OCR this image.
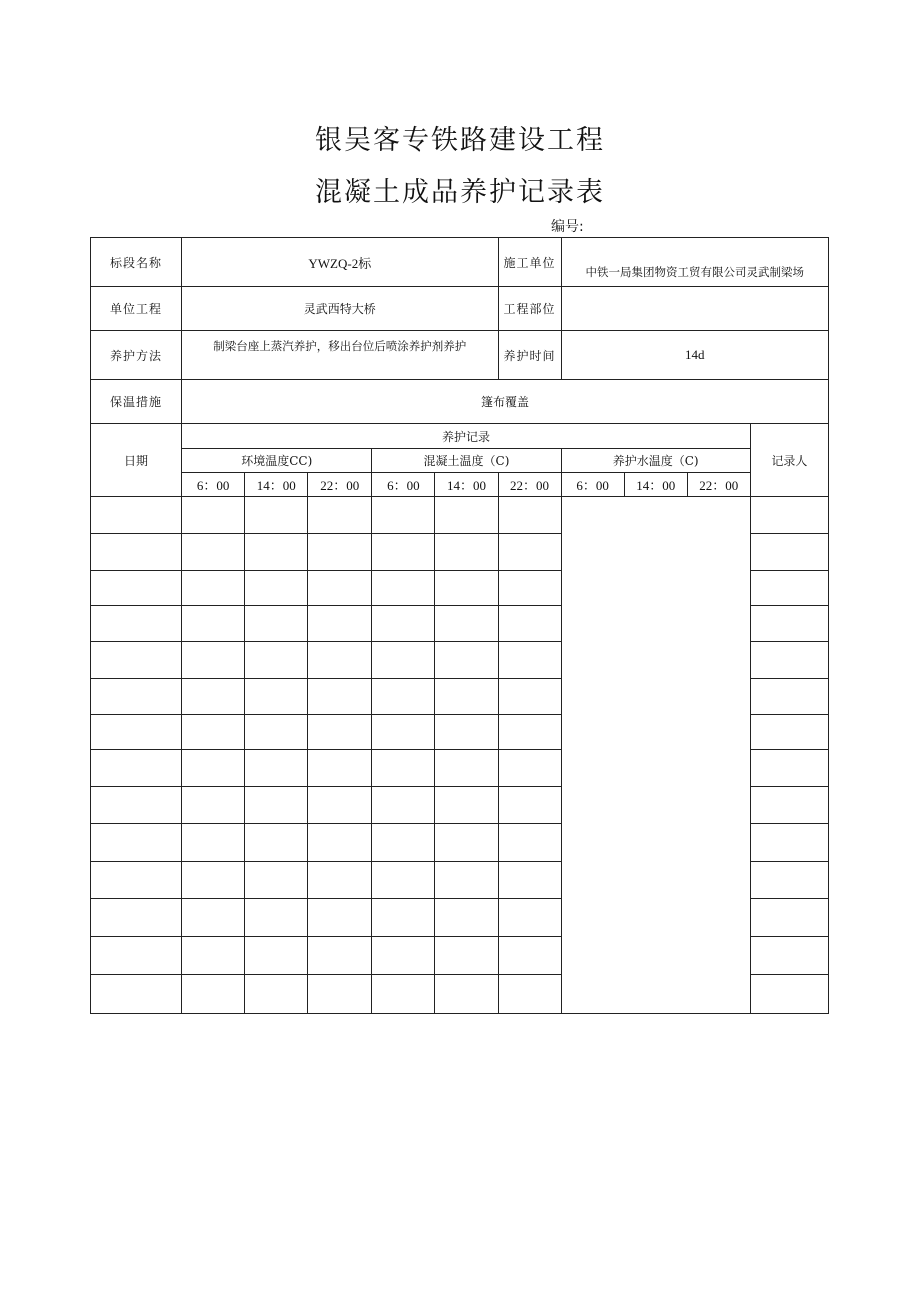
银吴客专铁路建设工程
混凝土成品养护记录表
编号:
标段名称	YWZQ-2标					施工单位	中铁一局集团物资工贸有限公司灵武制梁场			
单位工程	灵武西特大桥					工程部位				
养护方法	制梁台座上蒸汽养护，移出台位后喷涂养护剂养护					养护时间	14d			
保温措施	篷布覆盖									
日期	养护记录									记录人
	环境温度CC)			混凝土温度（C)			养护水温度（C)			
	6：00	14：00	22：00	6：00	14：00	22：00	6：00	14：00	22：00	
